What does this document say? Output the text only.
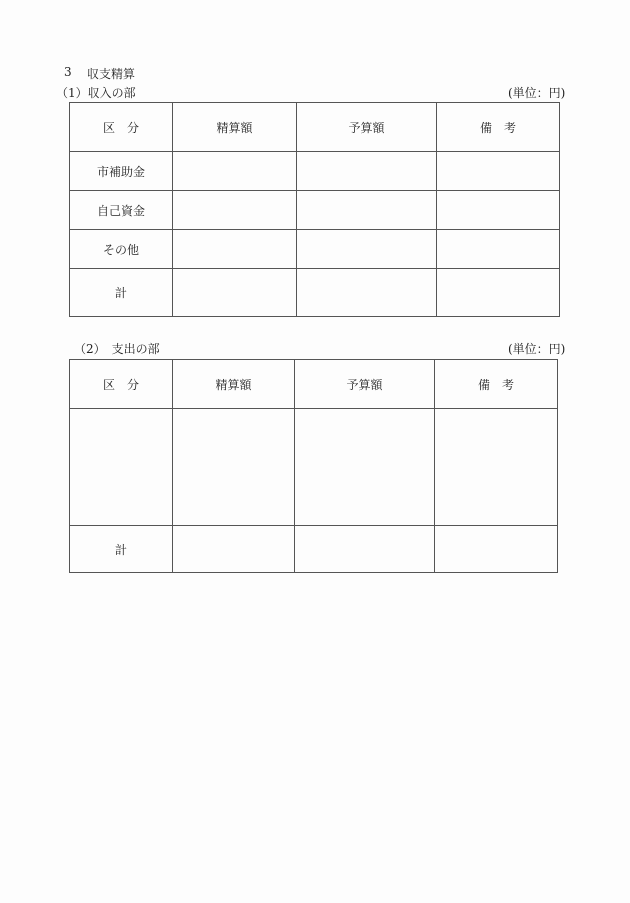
3 収支精算
（1）収入の部	(単位：円)
区　分	精算額	予算額	備　考
市補助金			
自己資金			
その他			
計			
（2）　支出の部	(単位：円)
区　分	精算額	予算額	備　考

計			
